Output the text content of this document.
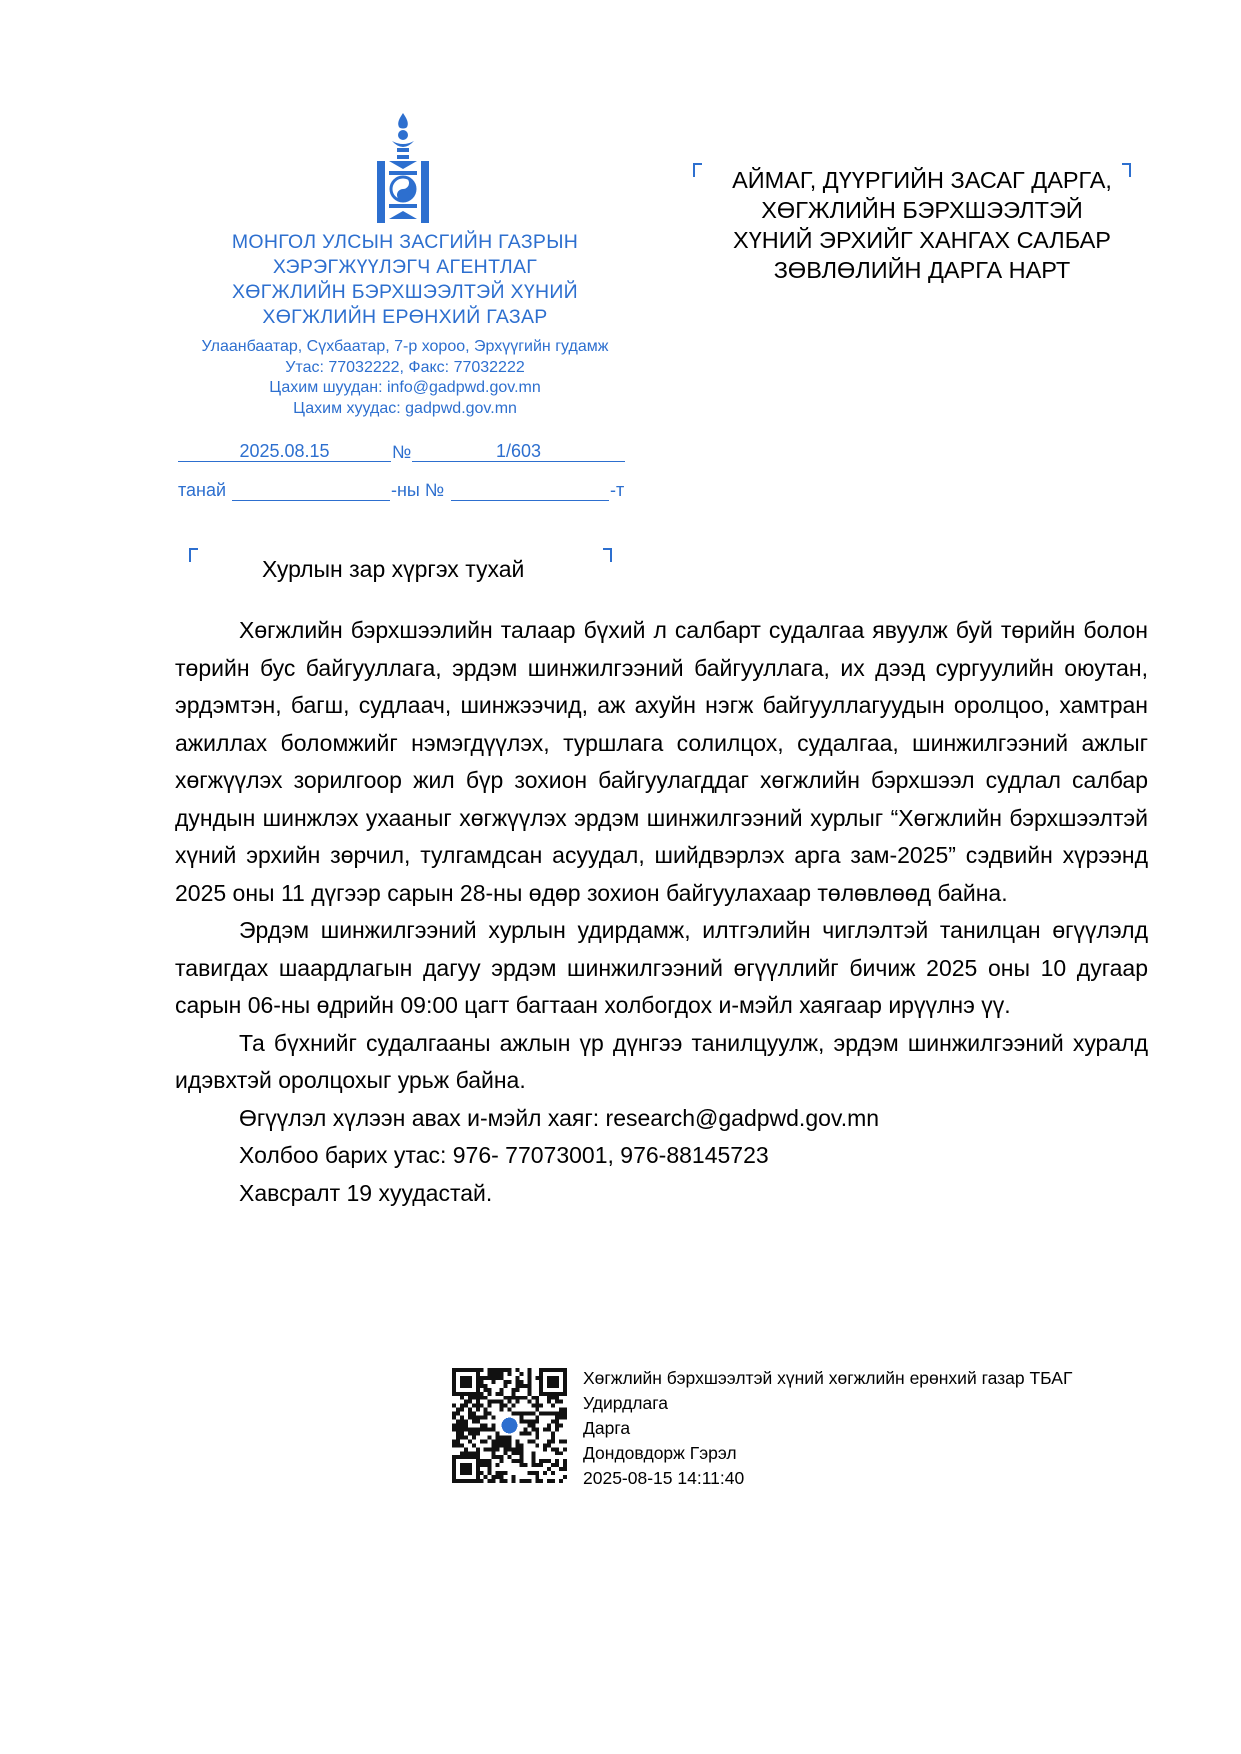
МОНГОЛ УЛСЫН ЗАСГИЙН ГАЗРЫН
ХЭРЭГЖҮҮЛЭГЧ АГЕНТЛАГ
ХӨГЖЛИЙН БЭРХШЭЭЛТЭЙ ХҮНИЙ
ХӨГЖЛИЙН ЕРӨНХИЙ ГАЗАР
Улаанбаатар, Сүхбаатар, 7-р хороо, Эрхүүгийн гудамж
Утас: 77032222, Факс: 77032222
Цахим шуудан: info@gadpwd.gov.mn
Цахим хуудас: gadpwd.gov.mn
2025.08.15	№	1/603
танай	-ны №	-т
АЙМАГ, ДҮҮРГИЙН ЗАСАГ ДАРГА,
ХӨГЖЛИЙН БЭРХШЭЭЛТЭЙ
ХҮНИЙ ЭРХИЙГ ХАНГАХ САЛБАР
ЗӨВЛӨЛИЙН ДАРГА НАРТ
Хурлын зар хүргэх тухай

Хөгжлийн бэрхшээлийн талаар бүхий л салбарт судалгаа явуулж буй төрийн болон төрийн бус байгууллага, эрдэм шинжилгээний байгууллага, их дээд сургуулийн оюутан, эрдэмтэн, багш, судлаач, шинжээчид, аж ахуйн нэгж байгууллагуудын оролцоо, хамтран ажиллах боломжийг нэмэгдүүлэх, туршлага солилцох, судалгаа, шинжилгээний ажлыг хөгжүүлэх зорилгоор жил бүр зохион байгуулагддаг хөгжлийн бэрхшээл судлал салбар дундын шинжлэх ухааныг хөгжүүлэх эрдэм шинжилгээний хурлыг “Хөгжлийн бэрхшээлтэй хүний эрхийн зөрчил, тулгамдсан асуудал, шийдвэрлэх арга зам-2025” сэдвийн хүрээнд 2025 оны 11 дүгээр сарын 28-ны өдөр зохион байгуулахаар төлөвлөөд байна.

Эрдэм шинжилгээний хурлын удирдамж, илтгэлийн чиглэлтэй танилцан өгүүлэлд тавигдах шаардлагын дагуу эрдэм шинжилгээний өгүүллийг бичиж 2025 оны 10 дугаар сарын 06-ны өдрийн 09:00 цагт багтаан холбогдох и-мэйл хаягаар ирүүлнэ үү.

Та бүхнийг судалгааны ажлын үр дүнгээ танилцуулж, эрдэм шинжилгээний хуралд идэвхтэй оролцохыг урьж байна.

Өгүүлэл хүлээн авах и-мэйл хаяг: research@gadpwd.gov.mn

Холбоо барих утас: 976- 77073001, 976-88145723

Хавсралт 19 хуудастай.

Хөгжлийн бэрхшээлтэй хүний хөгжлийн ерөнхий газар ТБАГ
Удирдлага
Дарга
Дондовдорж Гэрэл
2025-08-15 14:11:40
